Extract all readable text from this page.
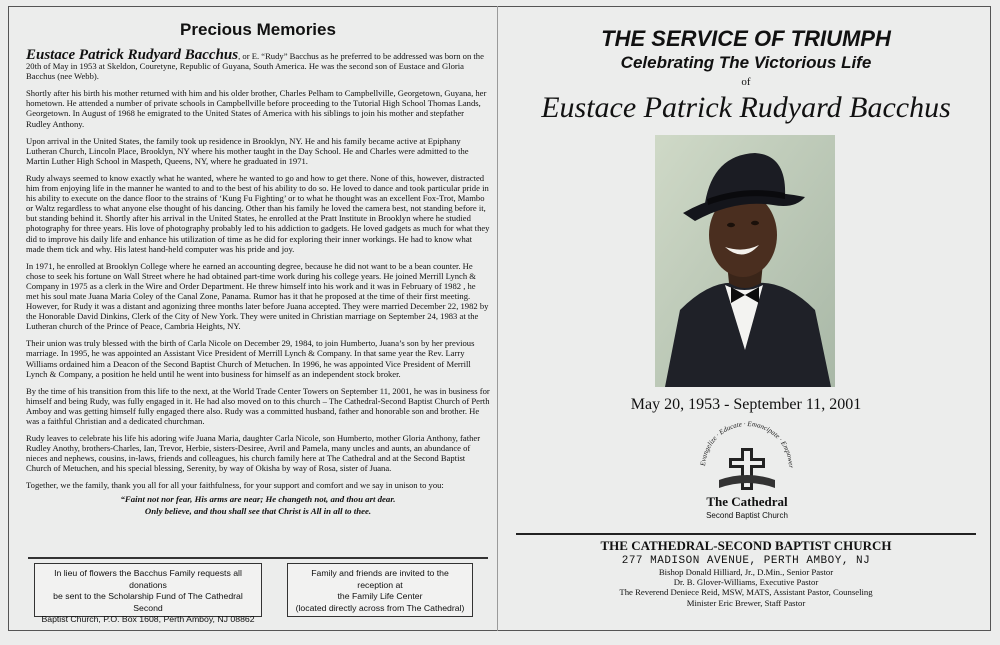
Precious Memories

Eustace Patrick Rudyard Bacchus, or E. “Rudy” Bacchus as he preferred to be addressed was born on the 20th of May in 1953 at Skeldon, Couretyne, Republic of Guyana, South America. He was the second son of Eustace and Gloria Bacchus (nee Webb).

Shortly after his birth his mother returned with him and his older brother, Charles Pelham to Campbellville, Georgetown, Guyana, her hometown. He attended a number of private schools in Campbellville before proceeding to the Tutorial High School Thomas Lands, Georgetown. In August of 1968 he emigrated to the United States of America with his siblings to join his mother and stepfather Rudley Anthony.

Upon arrival in the United States, the family took up residence in Brooklyn, NY. He and his family became active at Epiphany Lutheran Church, Lincoln Place, Brooklyn, NY where his mother taught in the Day School. He and Charles were admitted to the Martin Luther High School in Maspeth, Queens, NY, where he graduated in 1971.

Rudy always seemed to know exactly what he wanted, where he wanted to go and how to get there. None of this, however, distracted him from enjoying life in the manner he wanted to and to the best of his ability to do so. He loved to dance and took particular pride in his ability to execute on the dance floor to the strains of ‘Kung Fu Fighting’ or to what he thought was an excellent Fox-Trot, Mambo or Waltz regardless to what anyone else thought of his dancing. Other than his family he loved the camera best, not standing before it, but standing behind it. Shortly after his arrival in the United States, he enrolled at the Pratt Institute in Brooklyn where he studied photography for three years. His love of photography probably led to his addiction to gadgets. He loved gadgets as much for what they did to improve his daily life and enhance his utilization of time as he did for exploring their inner workings. He had to know what made them tick and why. His latest hand-held computer was his pride and joy.

In 1971, he enrolled at Brooklyn College where he earned an accounting degree, because he did not want to be a bean counter. He chose to seek his fortune on Wall Street where he had obtained part-time work during his college years. He joined Merrill Lynch & Company in 1975 as a clerk in the Wire and Order Department. He threw himself into his work and it was in February of 1982 , he met his soul mate Juana Maria Coley of the Canal Zone, Panama. Rumor has it that he proposed at the time of their first meeting. However, for Rudy it was a distant and agonizing three months later before Juana accepted. They were married December 22, 1982 by the Honorable David Dinkins, Clerk of the City of New York. They were united in Christian marriage on September 24, 1983 at the Lutheran church of the Prince of Peace, Cambria Heights, NY.

Their union was truly blessed with the birth of Carla Nicole on December 29, 1984, to join Humberto, Juana’s son by her previous marriage. In 1995, he was appointed an Assistant Vice President of Merrill Lynch & Company. In that same year the Rev. Larry Williams ordained him a Deacon of the Second Baptist Church of Metuchen. In 1996, he was appointed Vice President of Merrill Lynch & Company, a position he held until he went into business for himself as an independent stock broker.

By the time of his transition from this life to the next, at the World Trade Center Towers on September 11, 2001, he was in business for himself and being Rudy, was fully engaged in it. He had also moved on to this church – The Cathedral-Second Baptist Church of Perth Amboy and was getting himself fully engaged there also. Rudy was a committed husband, father and honorable son and brother. He was a faithful Christian and a dedicated churchman.

Rudy leaves to celebrate his life his adoring wife Juana Maria, daughter Carla Nicole, son Humberto, mother Gloria Anthony, father Rudley Anothy, brothers-Charles, Ian, Trevor, Herbie, sisters-Desiree, Avril and Pamela, many uncles and aunts, an abundance of nieces and nephews, cousins, in-laws, friends and colleagues, his church family here at The Cathedral and at the Second Baptist Church of Metuchen, and his special blessing, Serenity, by way of Okisha by way of Rosa, sister of Juana.

Together, we the family, thank you all for all your faithfulness, for your support and comfort and we say in unison to you:

“Faint not nor fear, His arms are near; He changeth not, and thou art dear.

Only believe, and thou shall see that Christ is All in all to thee.

In lieu of flowers the Bacchus Family requests all donations
be sent to the Scholarship Fund of The Cathedral Second
Baptist Church, P.O. Box 1608, Perth Amboy, NJ 08862
Family and friends are invited to the reception at
the Family Life Center
(located directly across from The Cathedral)
THE SERVICE OF TRIUMPH
Celebrating The Victorious Life
of
Eustace Patrick Rudyard Bacchus
May 20, 1953 - September 11, 2001
Evangelize · Educate · Emancipate · Empower
The Cathedral
Second Baptist Church
THE CATHEDRAL-SECOND BAPTIST CHURCH
277 MADISON AVENUE, PERTH AMBOY, NJ
Bishop Donald Hilliard, Jr., D.Min., Senior Pastor
Dr. B. Glover-Williams, Executive Pastor
The Reverend Deniece Reid, MSW, MATS, Assistant Pastor, Counseling
Minister Eric Brewer, Staff Pastor
